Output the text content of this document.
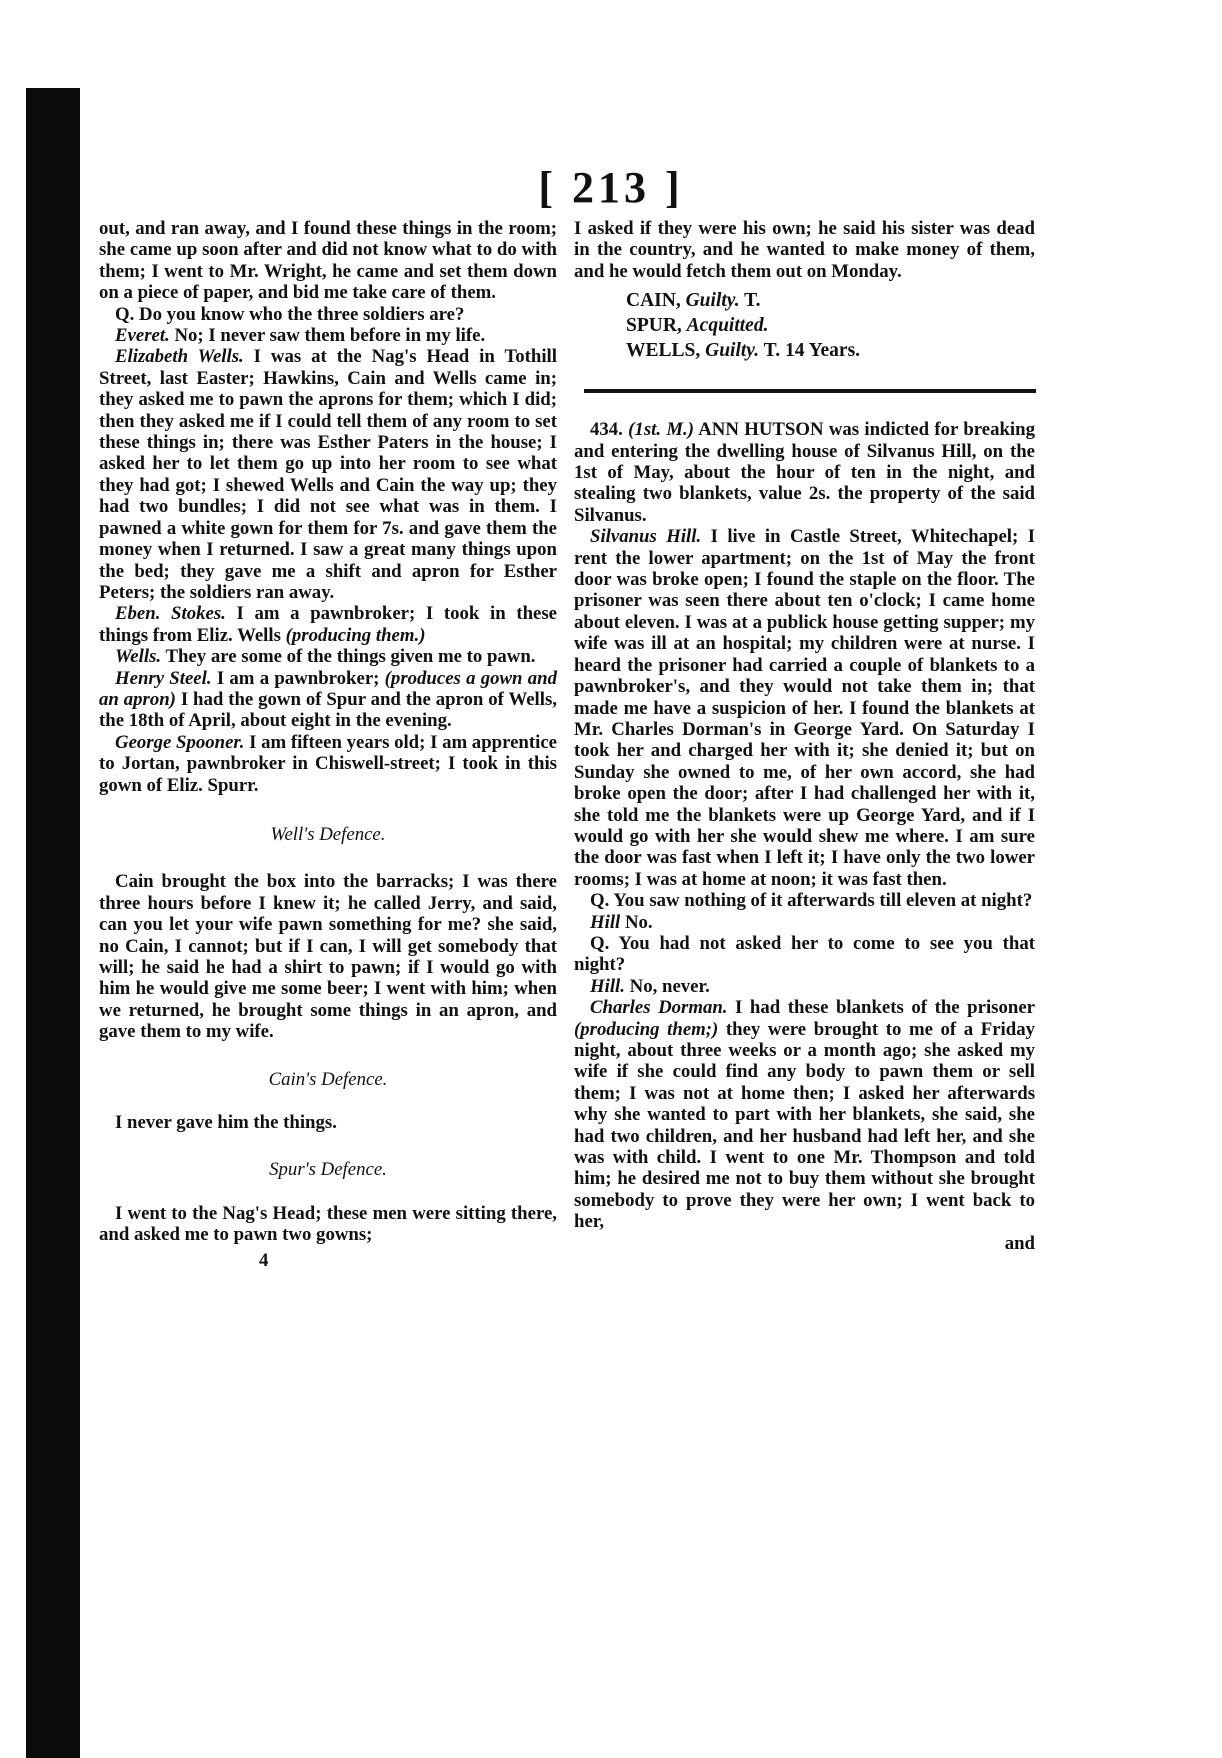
[ 213 ]

out, and ran away, and I found these things in the room; she came up soon after and did not know what to do with them; I went to Mr. Wright, he came and set them down on a piece of paper, and bid me take care of them.

Q. Do you know who the three soldiers are?

Everet. No; I never saw them before in my life.

Elizabeth Wells. I was at the Nag's Head in Tothill Street, last Easter; Hawkins, Cain and Wells came in; they asked me to pawn the aprons for them; which I did; then they asked me if I could tell them of any room to set these things in; there was Esther Paters in the house; I asked her to let them go up into her room to see what they had got; I shewed Wells and Cain the way up; they had two bundles; I did not see what was in them. I pawned a white gown for them for 7s. and gave them the money when I returned. I saw a great many things upon the bed; they gave me a shift and apron for Esther Peters; the soldiers ran away.

Eben. Stokes. I am a pawnbroker; I took in these things from Eliz. Wells (producing them.)

Wells. They are some of the things given me to pawn.

Henry Steel. I am a pawnbroker; (produces a gown and an apron) I had the gown of Spur and the apron of Wells, the 18th of April, about eight in the evening.

George Spooner. I am fifteen years old; I am apprentice to Jortan, pawnbroker in Chiswell-street; I took in this gown of Eliz. Spurr.

Well's Defence.

Cain brought the box into the barracks; I was there three hours before I knew it; he called Jerry, and said, can you let your wife pawn something for me? she said, no Cain, I cannot; but if I can, I will get somebody that will; he said he had a shirt to pawn; if I would go with him he would give me some beer; I went with him; when we returned, he brought some things in an apron, and gave them to my wife.

Cain's Defence.

I never gave him the things.

Spur's Defence.

I went to the Nag's Head; these men were sitting there, and asked me to pawn two gowns;

4

I asked if they were his own; he said his sister was dead in the country, and he wanted to make money of them, and he would fetch them out on Monday.

CAIN, Guilty. T.

SPUR, Acquitted.

WELLS, Guilty. T. 14 Years.

434. (1st. M.) ANN HUTSON was indicted for breaking and entering the dwelling house of Silvanus Hill, on the 1st of May, about the hour of ten in the night, and stealing two blankets, value 2s. the property of the said Silvanus.

Silvanus Hill. I live in Castle Street, Whitechapel; I rent the lower apartment; on the 1st of May the front door was broke open; I found the staple on the floor. The prisoner was seen there about ten o'clock; I came home about eleven. I was at a publick house getting supper; my wife was ill at an hospital; my children were at nurse. I heard the prisoner had carried a couple of blankets to a pawnbroker's, and they would not take them in; that made me have a suspicion of her. I found the blankets at Mr. Charles Dorman's in George Yard. On Saturday I took her and charged her with it; she denied it; but on Sunday she owned to me, of her own accord, she had broke open the door; after I had challenged her with it, she told me the blankets were up George Yard, and if I would go with her she would shew me where. I am sure the door was fast when I left it; I have only the two lower rooms; I was at home at noon; it was fast then.

Q. You saw nothing of it afterwards till eleven at night?

Hill No.

Q. You had not asked her to come to see you that night?

Hill. No, never.

Charles Dorman. I had these blankets of the prisoner (producing them;) they were brought to me of a Friday night, about three weeks or a month ago; she asked my wife if she could find any body to pawn them or sell them; I was not at home then; I asked her afterwards why she wanted to part with her blankets, she said, she had two children, and her husband had left her, and she was with child. I went to one Mr. Thompson and told him; he desired me not to buy them without she brought somebody to prove they were her own; I went back to her,

and
